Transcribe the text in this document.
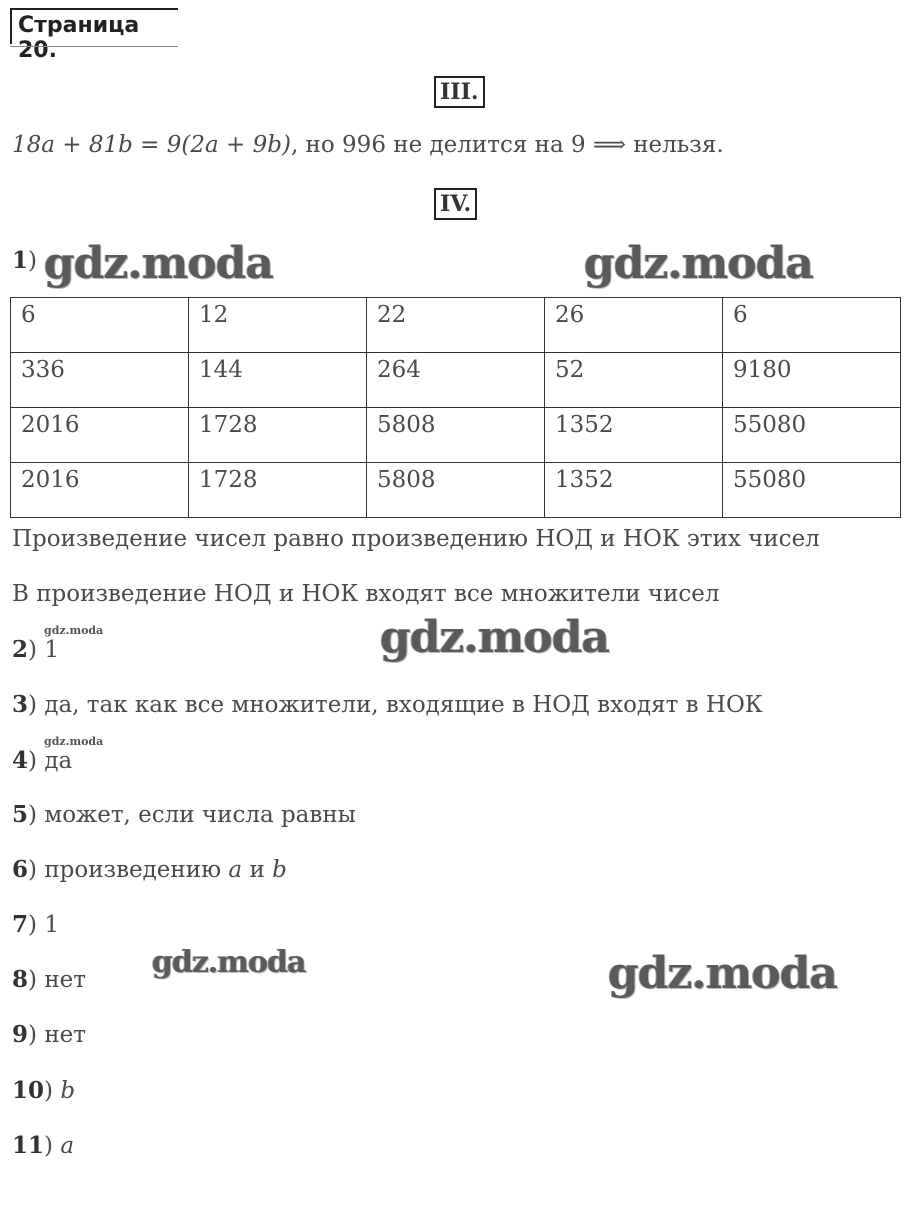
Страница 20.
III.
18a + 81b = 9(2a + 9b), но 996 не делится на 9 ⟹ нельзя.
IV.
1) gdz.moda	gdz.moda
6	12	22	26	6
336	144	264	52	9180
2016	1728	5808	1352	55080
2016	1728	5808	1352	55080
Произведение чисел равно произведению НОД и НОК этих чисел
В произведение НОД и НОК входят все множители чисел
gdz.moda
gdz.moda
gdz.moda
2) 1
3) да, так как все множители, входящие в НОД входят в НОК
4) да
5) может, если числа равны
6) произведению a и b
7) 1
8) нет
9) нет
10) b
11) a
gdz.moda	gdz.moda
